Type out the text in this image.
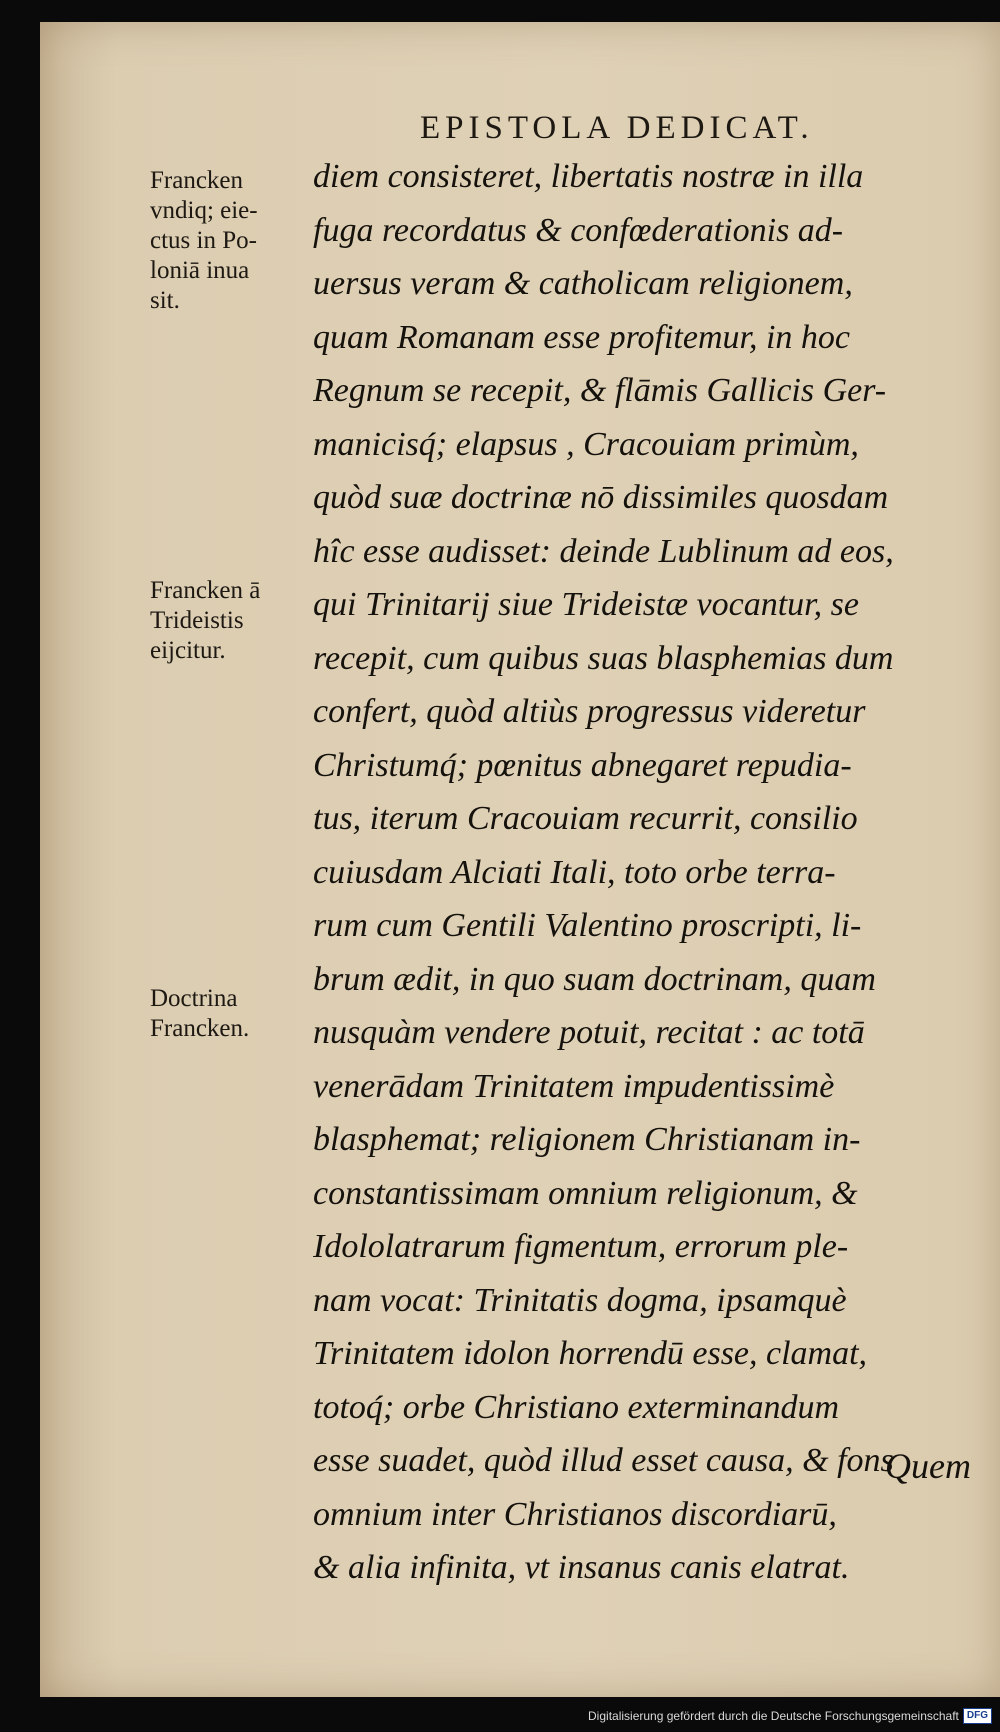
EPISTOLA DEDICAT.
Francken
vndiq; eie-
ctus in Po-
loniā inua
sit.
Francken ā
Trideistis
eijcitur.
Doctrina
Francken.
diem consisteret, libertatis nostræ in illa
fuga recordatus & confœderationis ad-
uersus veram & catholicam religionem,
quam Romanam esse profitemur, in hoc
Regnum se recepit, & flāmis Gallicis Ger-
manicisq́; elapsus , Cracouiam primùm,
quòd suæ doctrinæ nō dissimiles quosdam
hîc esse audisset: deinde Lublinum ad eos,
qui Trinitarij siue Trideistæ vocantur, se
recepit, cum quibus suas blasphemias dum
confert, quòd altiùs progressus videretur
Christumq́; pœnitus abnegaret repudia-
tus, iterum Cracouiam recurrit, consilio
cuiusdam Alciati Itali, toto orbe terra-
rum cum Gentili Valentino proscripti, li-
brum ædit, in quo suam doctrinam, quam
nusquàm vendere potuit, recitat : ac totā
venerādam Trinitatem impudentissimè
blasphemat; religionem Christianam in-
constantissimam omnium religionum, &
Idololatrarum figmentum, errorum ple-
nam vocat: Trinitatis dogma, ipsamquè
Trinitatem idolon horrendū esse, clamat,
totoq́; orbe Christiano exterminandum
esse suadet, quòd illud esset causa, & fons
omnium inter Christianos discordiarū,
& alia infinita, vt insanus canis elatrat.
Quem
Digitalisierung gefördert durch die Deutsche Forschungsgemeinschaft DFG
